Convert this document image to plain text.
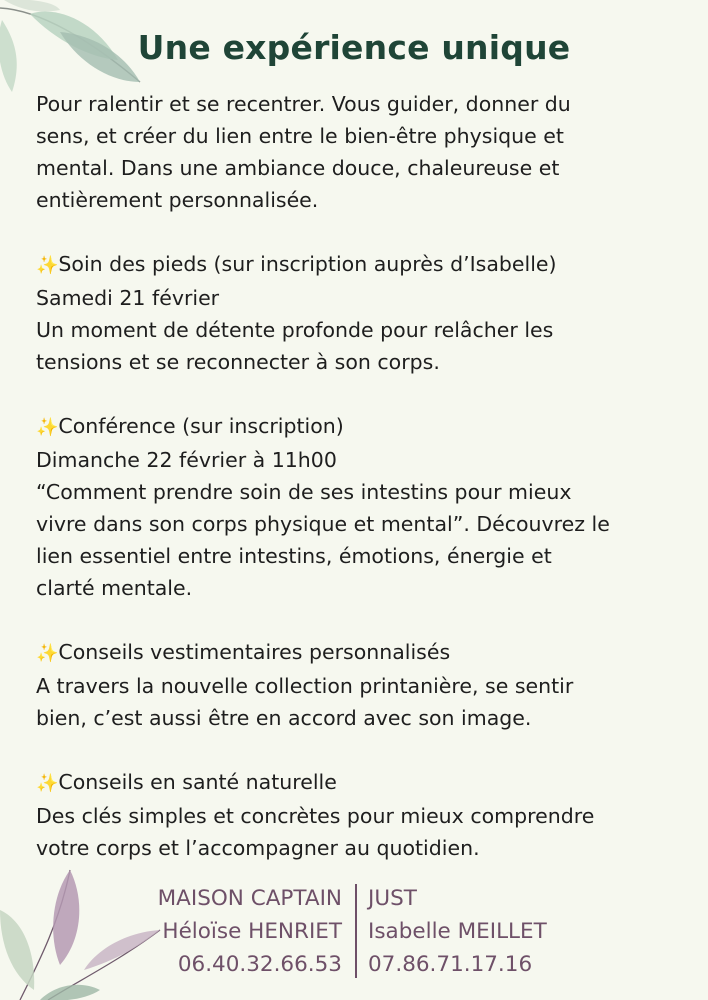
Une expérience unique

Pour ralentir et se recentrer. Vous guider, donner du
sens, et créer du lien entre le bien-être physique et
mental. Dans une ambiance douce, chaleureuse et
entièrement personnalisée.

✨Soin des pieds (sur inscription auprès d’Isabelle)
Samedi 21 février
Un moment de détente profonde pour relâcher les
tensions et se reconnecter à son corps.

✨Conférence (sur inscription)
Dimanche 22 février à 11h00
“Comment prendre soin de ses intestins pour mieux
vivre dans son corps physique et mental”. Découvrez le
lien essentiel entre intestins, émotions, énergie et
clarté mentale.

✨Conseils vestimentaires personnalisés
A travers la nouvelle collection printanière, se sentir
bien, c’est aussi être en accord avec son image.

✨Conseils en santé naturelle
Des clés simples et concrètes pour mieux comprendre
votre corps et l’accompagner au quotidien.

MAISON CAPTAIN
Héloïse HENRIET
06.40.32.66.53
JUST
Isabelle MEILLET
07.86.71.17.16
